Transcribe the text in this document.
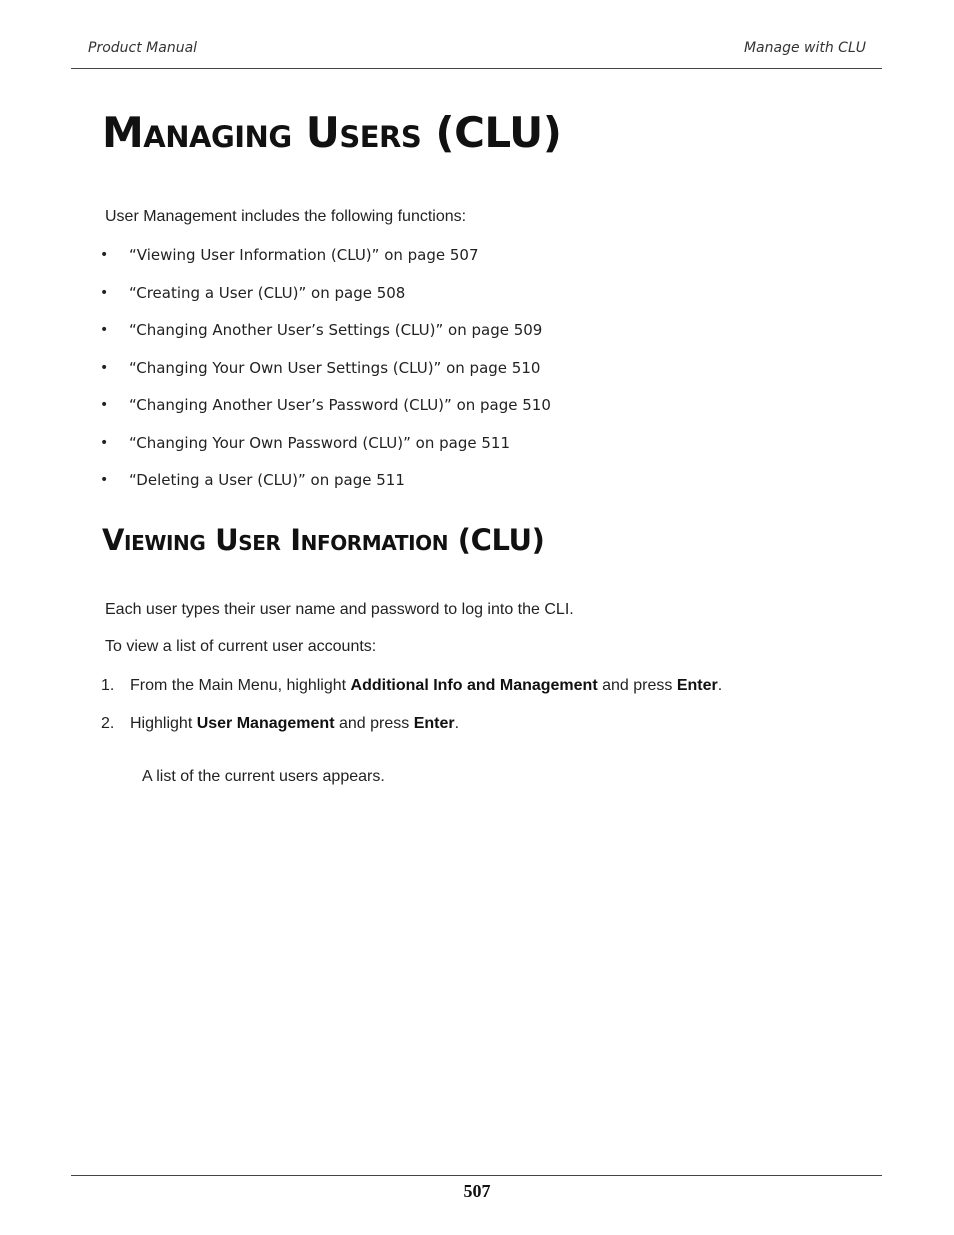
Product Manual	Manage with CLU
Managing Users (CLU)

User Management includes the following functions:

• “Viewing User Information (CLU)” on page 507
• “Creating a User (CLU)” on page 508
• “Changing Another User’s Settings (CLU)” on page 509
• “Changing Your Own User Settings (CLU)” on page 510
• “Changing Another User’s Password (CLU)” on page 510
• “Changing Your Own Password (CLU)” on page 511
• “Deleting a User (CLU)” on page 511
Viewing User Information (CLU)

Each user types their user name and password to log into the CLI.

To view a list of current user accounts:

1. From the Main Menu, highlight Additional Info and Management and press Enter.
2. Highlight User Management and press Enter.

A list of the current users appears.

507
